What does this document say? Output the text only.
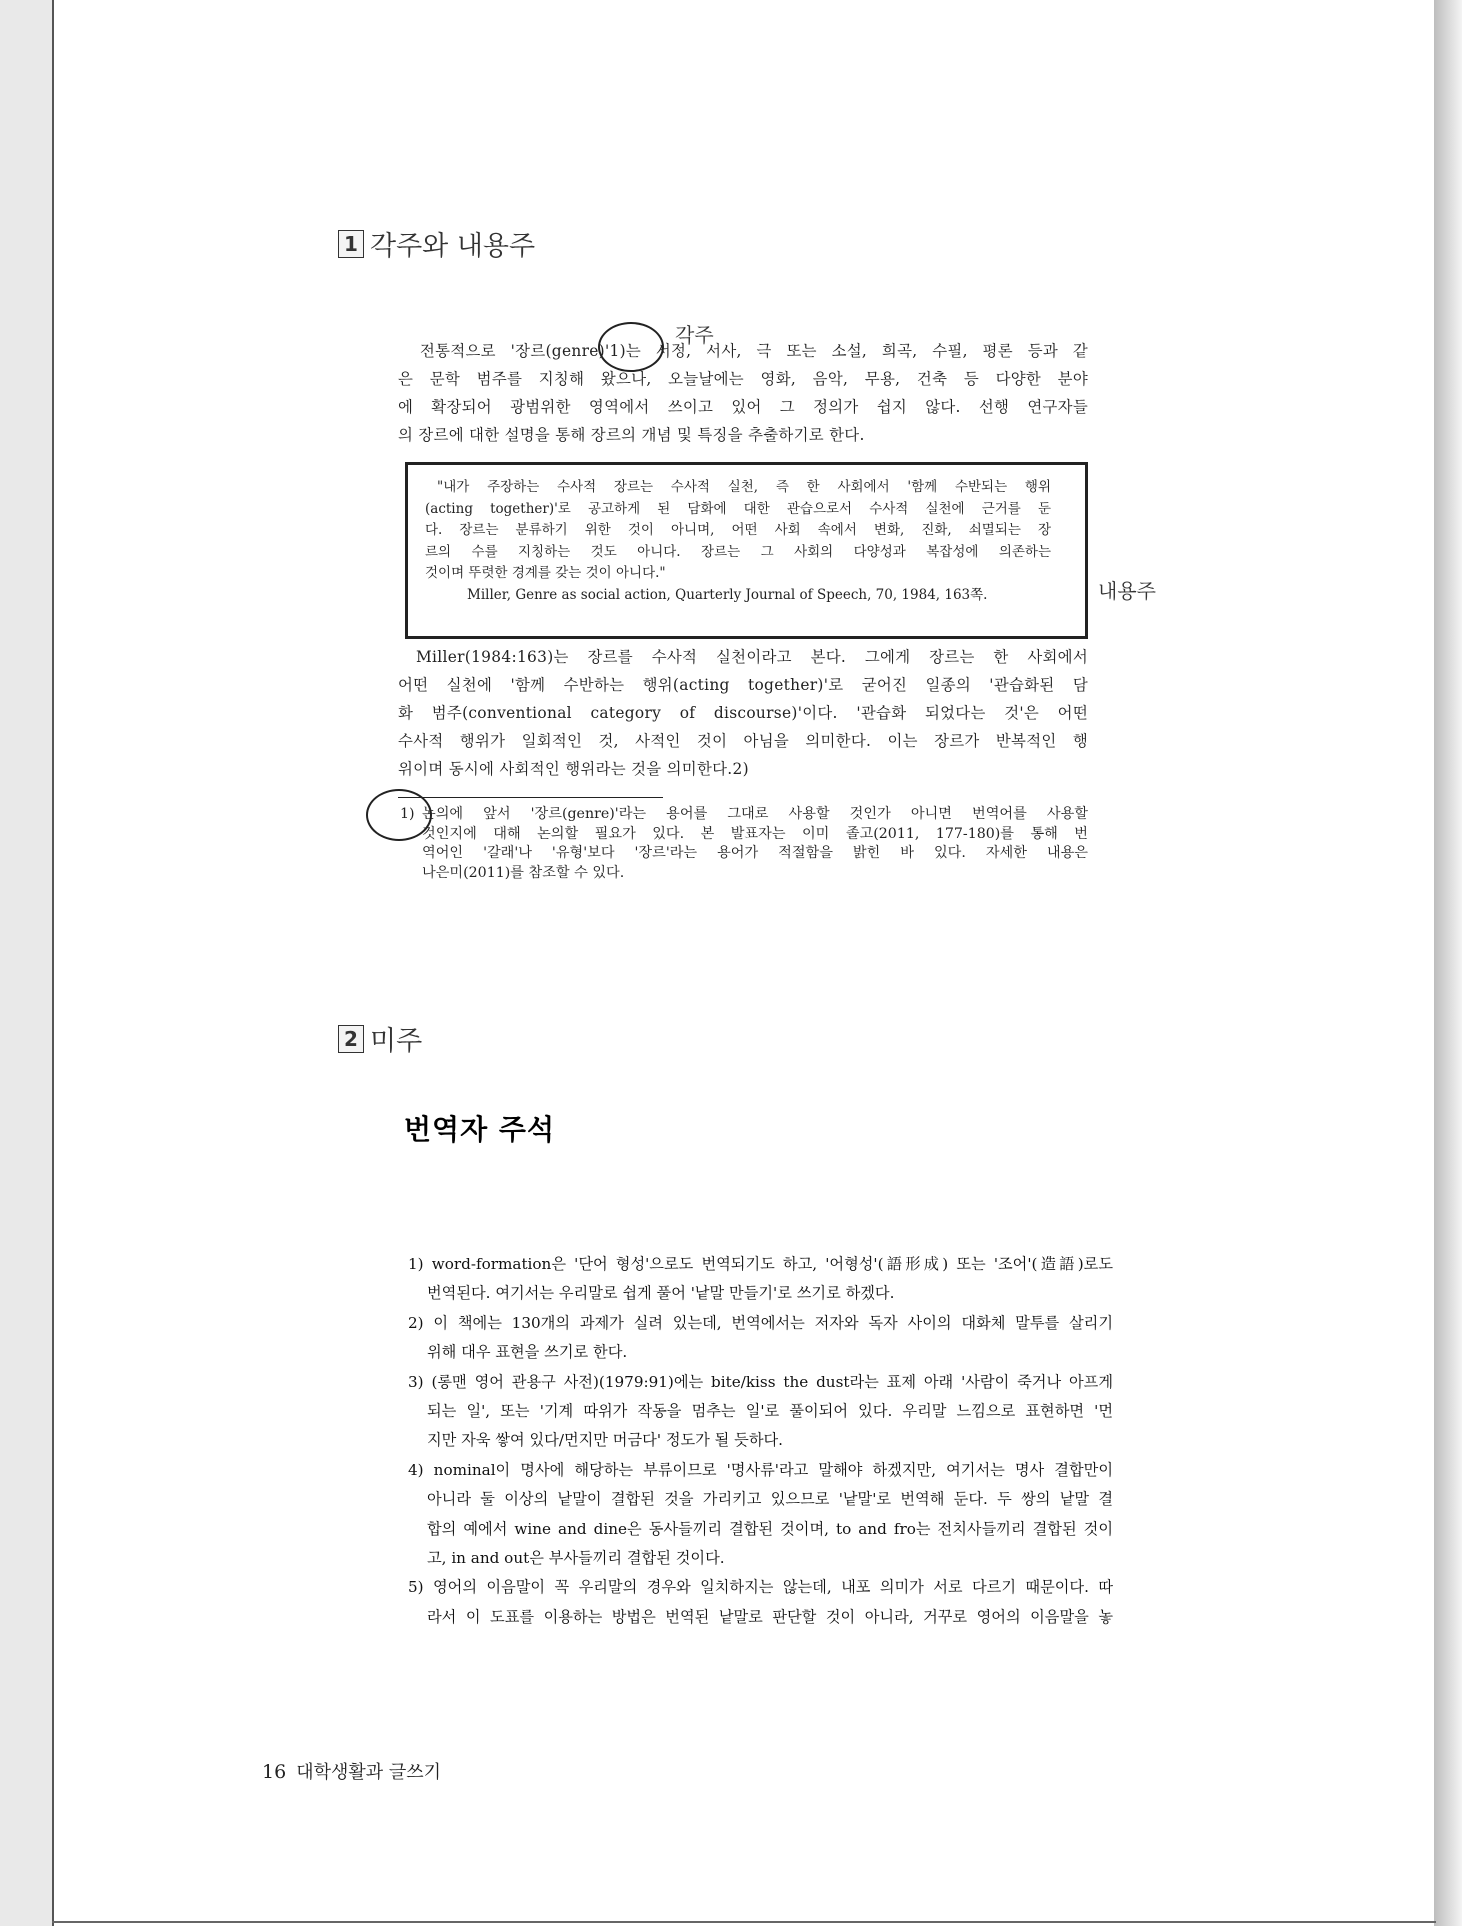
1 각주와 내용주
각주
전통적으로 '장르(genre)'1)는 서정, 서사, 극 또는 소설, 희곡, 수필, 평론 등과 같
은 문학 범주를 지칭해 왔으나, 오늘날에는 영화, 음악, 무용, 건축 등 다양한 분야
에 확장되어 광범위한 영역에서 쓰이고 있어 그 정의가 쉽지 않다. 선행 연구자들
의 장르에 대한 설명을 통해 장르의 개념 및 특징을 추출하기로 한다.
"내가 주장하는 수사적 장르는 수사적 실천, 즉 한 사회에서 '함께 수반되는 행위
(acting together)'로 공고하게 된 담화에 대한 관습으로서 수사적 실천에 근거를 둔
다. 장르는 분류하기 위한 것이 아니며, 어떤 사회 속에서 변화, 진화, 쇠멸되는 장
르의 수를 지칭하는 것도 아니다. 장르는 그 사회의 다양성과 복잡성에 의존하는
것이며 뚜렷한 경계를 갖는 것이 아니다."
Miller, Genre as social action, Quarterly Journal of Speech, 70, 1984, 163쪽.	내용주
Miller(1984:163)는 장르를 수사적 실천이라고 본다. 그에게 장르는 한 사회에서
어떤 실천에 '함께 수반하는 행위(acting together)'로 굳어진 일종의 '관습화된 담
화 범주(conventional category of discourse)'이다. '관습화 되었다는 것'은 어떤
수사적 행위가 일회적인 것, 사적인 것이 아님을 의미한다. 이는 장르가 반복적인 행
위이며 동시에 사회적인 행위라는 것을 의미한다.2)
1) 논의에 앞서 '장르(genre)'라는 용어를 그대로 사용할 것인가 아니면 번역어를 사용할
것인지에 대해 논의할 필요가 있다. 본 발표자는 이미 졸고(2011, 177-180)를 통해 번
역어인 '갈래'나 '유형'보다 '장르'라는 용어가 적절함을 밝힌 바 있다. 자세한 내용은
나은미(2011)를 참조할 수 있다.
2 미주
번역자 주석
1) word-formation은 '단어 형성'으로도 번역되기도 하고, '어형성'(語形成) 또는 '조어'(造語)로도
번역된다. 여기서는 우리말로 쉽게 풀어 '낱말 만들기'로 쓰기로 하겠다.
2) 이 책에는 130개의 과제가 실려 있는데, 번역에서는 저자와 독자 사이의 대화체 말투를 살리기
위해 대우 표현을 쓰기로 한다.
3) (롱맨 영어 관용구 사전)(1979:91)에는 bite/kiss the dust라는 표제 아래 '사람이 죽거나 아프게
되는 일', 또는 '기계 따위가 작동을 멈추는 일'로 풀이되어 있다. 우리말 느낌으로 표현하면 '먼
지만 자욱 쌓여 있다/먼지만 머금다' 정도가 될 듯하다.
4) nominal이 명사에 해당하는 부류이므로 '명사류'라고 말해야 하겠지만, 여기서는 명사 결합만이
아니라 둘 이상의 낱말이 결합된 것을 가리키고 있으므로 '낱말'로 번역해 둔다. 두 쌍의 낱말 결
합의 예에서 wine and dine은 동사들끼리 결합된 것이며, to and fro는 전치사들끼리 결합된 것이
고, in and out은 부사들끼리 결합된 것이다.
5) 영어의 이음말이 꼭 우리말의 경우와 일치하지는 않는데, 내포 의미가 서로 다르기 때문이다. 따
라서 이 도표를 이용하는 방법은 번역된 낱말로 판단할 것이 아니라, 거꾸로 영어의 이음말을 놓
16 대학생활과 글쓰기
